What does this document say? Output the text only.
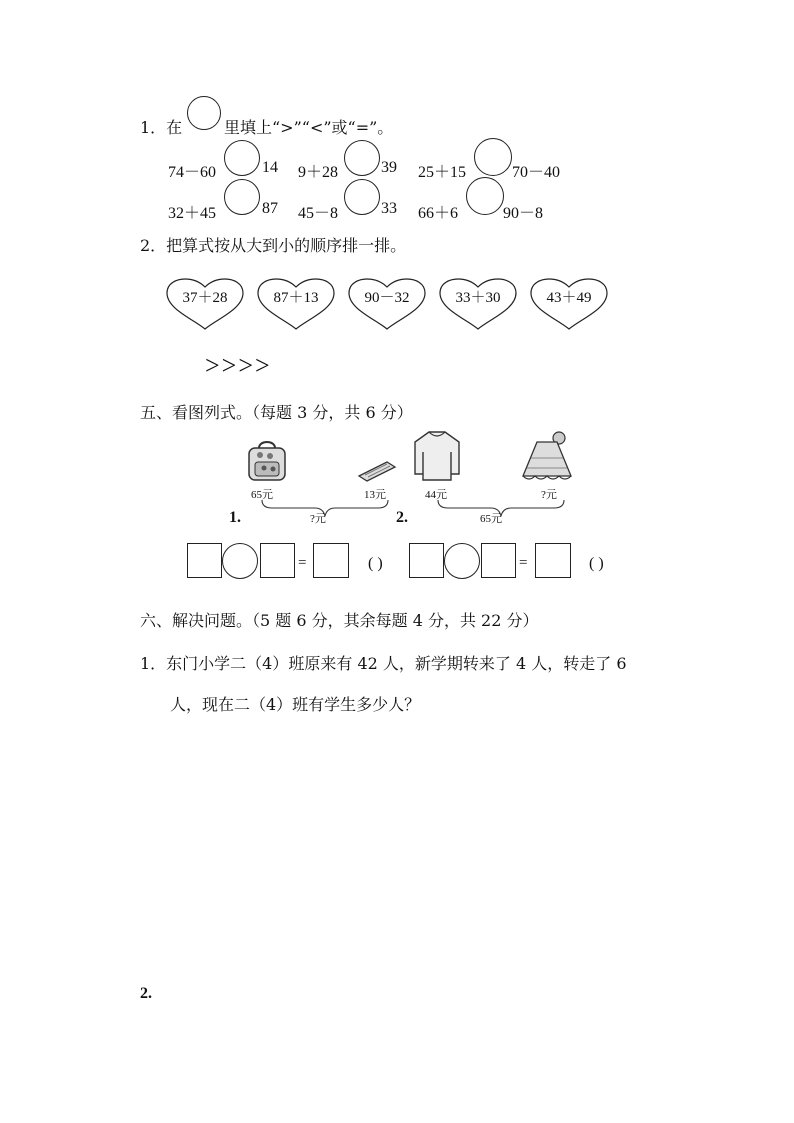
1．在	里填上“>”“<”或“=”。
74－60	14 9＋28	39 25＋15	70－40
32＋45	87 45－8	33 66＋6	90－8
2．把算式按从大到小的顺序排一排。
37＋28	87＋13	90－32	33＋30	43＋49
>>>>
五、看图列式。（每题 3 分，共 6 分）
65元	13元
?元
1.
44元	?元
65元
2.
=	( )	=	( )
六、解决问题。（5 题 6 分，其余每题 4 分，共 22 分）
1．东门小学二（4）班原来有 42 人，新学期转来了 4 人，转走了 6
人，现在二（4）班有学生多少人？
2.
